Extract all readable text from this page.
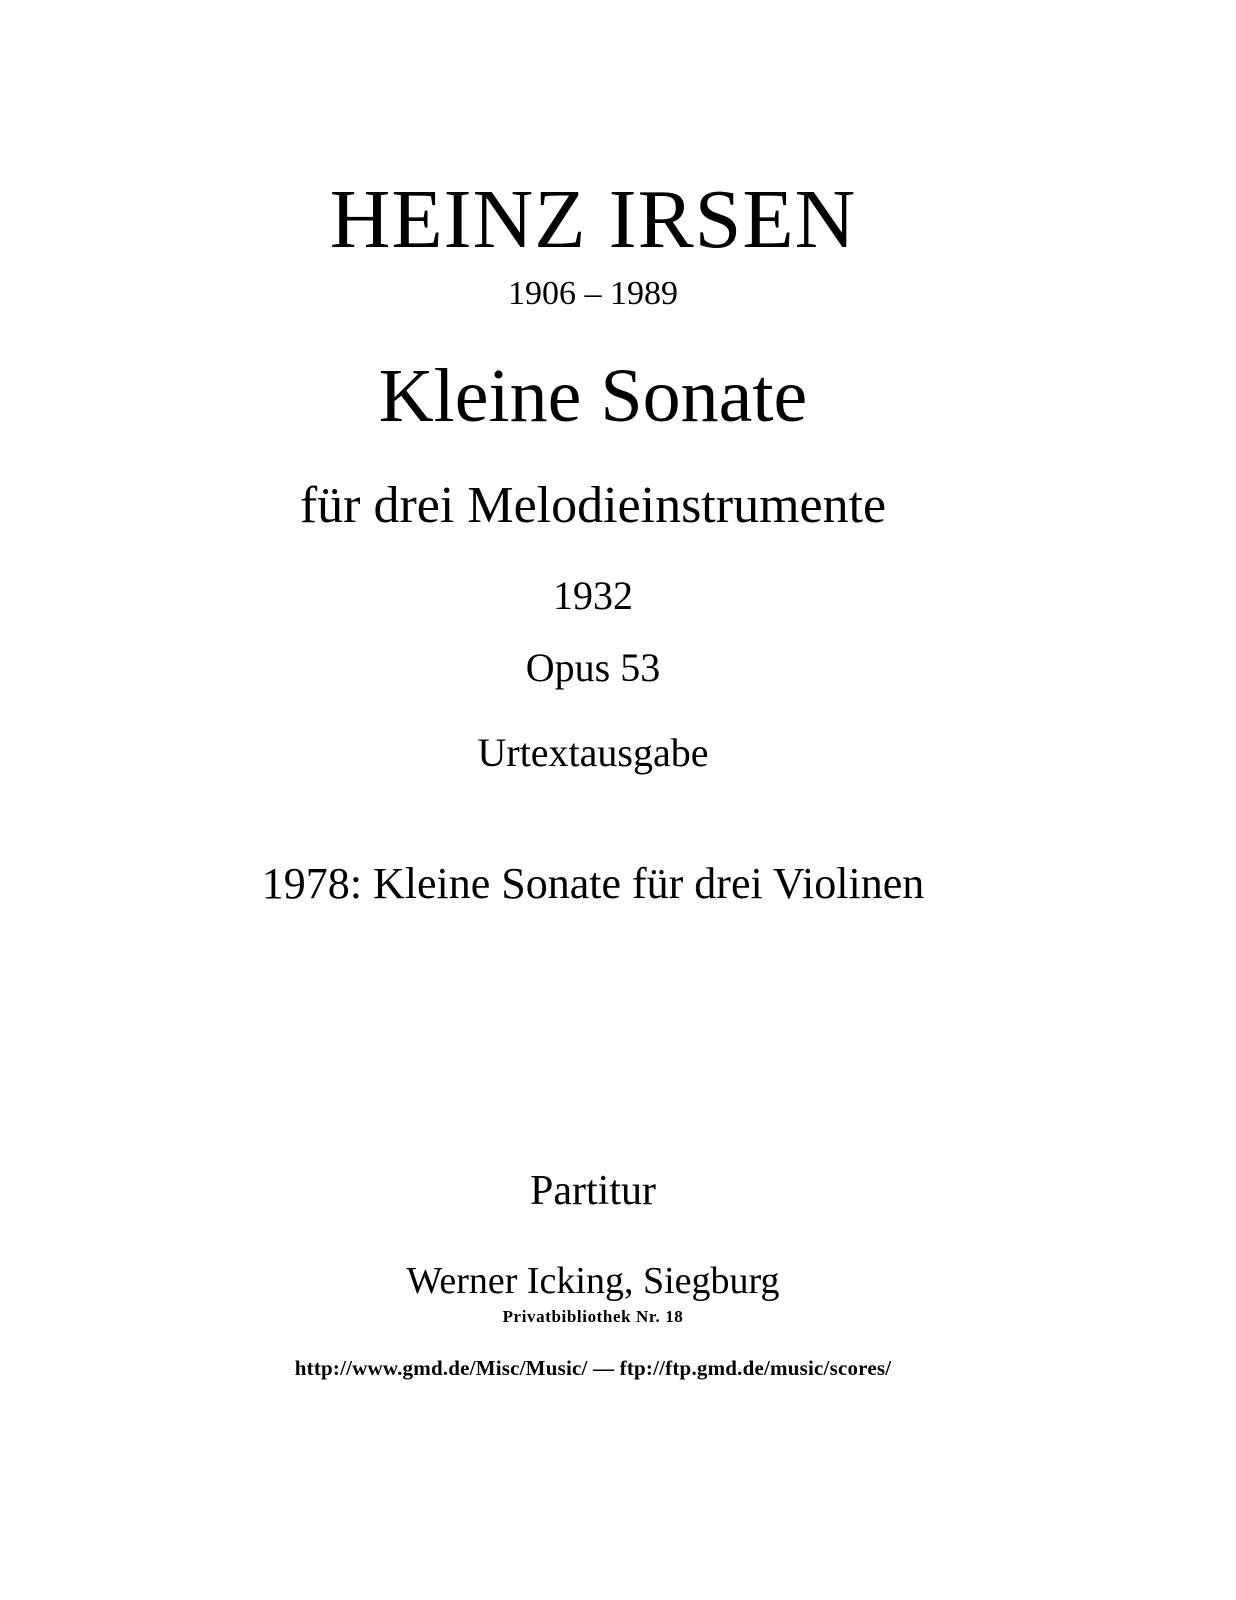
HEINZ IRSEN
1906 – 1989
Kleine Sonate
für drei Melodieinstrumente
1932
Opus 53
Urtextausgabe
1978: Kleine Sonate für drei Violinen
Partitur
Werner Icking, Siegburg
Privatbibliothek Nr. 18
http://www.gmd.de/Misc/Music/ — ftp://ftp.gmd.de/music/scores/
